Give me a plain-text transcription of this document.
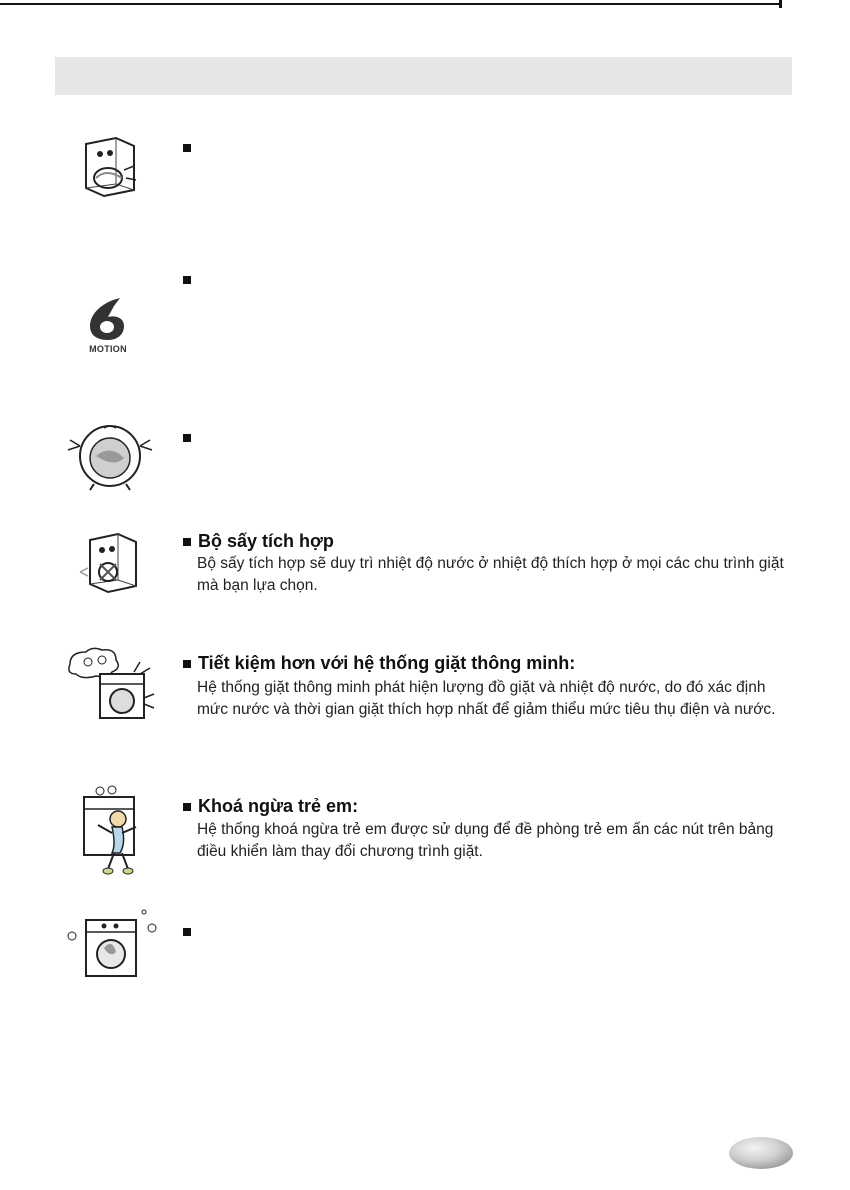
MOTION
Bộ sấy tích hợp
Bộ sấy tích hợp sẽ duy trì nhiệt độ nước ở nhiệt độ thích hợp ở mọi các chu trình giặt mà bạn lựa chọn.
Tiết kiệm hơn với hệ thống giặt thông minh:
Hệ thống giặt thông minh phát hiện lượng đồ giặt và nhiệt độ nước, do đó xác định mức nước và thời gian giặt thích hợp nhất để giảm thiểu mức tiêu thụ điện và nước.
Khoá ngừa trẻ em:
Hệ thống khoá ngừa trẻ em được sử dụng để đề phòng trẻ em ấn các nút trên bảng điều khiển làm thay đổi chương trình giặt.
